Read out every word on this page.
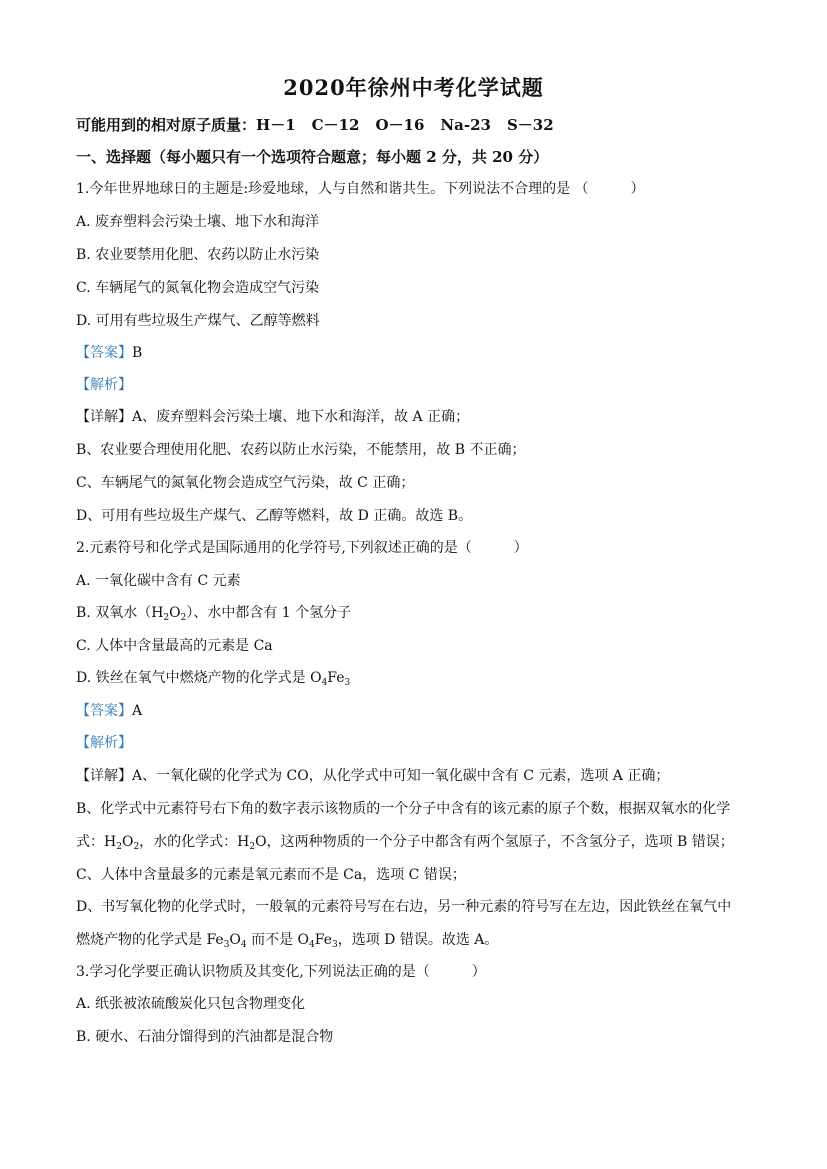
2020年徐州中考化学试题
可能用到的相对原子质量：H－1 C－12 O－16 Na-23 S－32
一、选择题（每小题只有一个选项符合题意；每小题 2 分，共 20 分）
1.今年世界地球日的主题是:珍爱地球，人与自然和谐共生。下列说法不合理的是 （　　　）
A. 废弃塑料会污染土壤、地下水和海洋
B. 农业要禁用化肥、农药以防止水污染
C. 车辆尾气的氮氧化物会造成空气污染
D. 可用有些垃圾生产煤气、乙醇等燃料
【答案】B
【解析】
【详解】A、废弃塑料会污染土壤、地下水和海洋，故 A 正确；
B、农业要合理使用化肥、农药以防止水污染，不能禁用，故 B 不正确；
C、车辆尾气的氮氧化物会造成空气污染，故 C 正确；
D、可用有些垃圾生产煤气、乙醇等燃料，故 D 正确。故选 B。
2.元素符号和化学式是国际通用的化学符号,下列叙述正确的是（　　　）
A. 一氧化碳中含有 C 元素
B. 双氧水$(H_2O_2)$、水中都含有 1 个氢分子
C. 人体中含量最高的元素是 Ca
D. 铁丝在氧气中燃烧产物的化学式是 $O_4Fe_3$
【答案】A
【解析】
【详解】A、一氧化碳的化学式为 CO，从化学式中可知一氧化碳中含有 C 元素，选项 A 正确；
B、化学式中元素符号右下角的数字表示该物质的一个分子中含有的该元素的原子个数，根据双氧水的化学
式：$H_2O_2$，水的化学式：$H_2O$，这两种物质的一个分子中都含有两个氢原子，不含氢分子，选项 B 错误；
C、人体中含量最多的元素是氧元素而不是 Ca，选项 C 错误；
D、书写氧化物的化学式时，一般氧的元素符号写在右边，另一种元素的符号写在左边，因此铁丝在氧气中
燃烧产物的化学式是 $Fe_3O_4$ 而不是 $O_4Fe_3$，选项 D 错误。故选 A。
3.学习化学要正确认识物质及其变化,下列说法正确的是（　　　）
A. 纸张被浓硫酸炭化只包含物理变化
B. 硬水、石油分馏得到的汽油都是混合物
